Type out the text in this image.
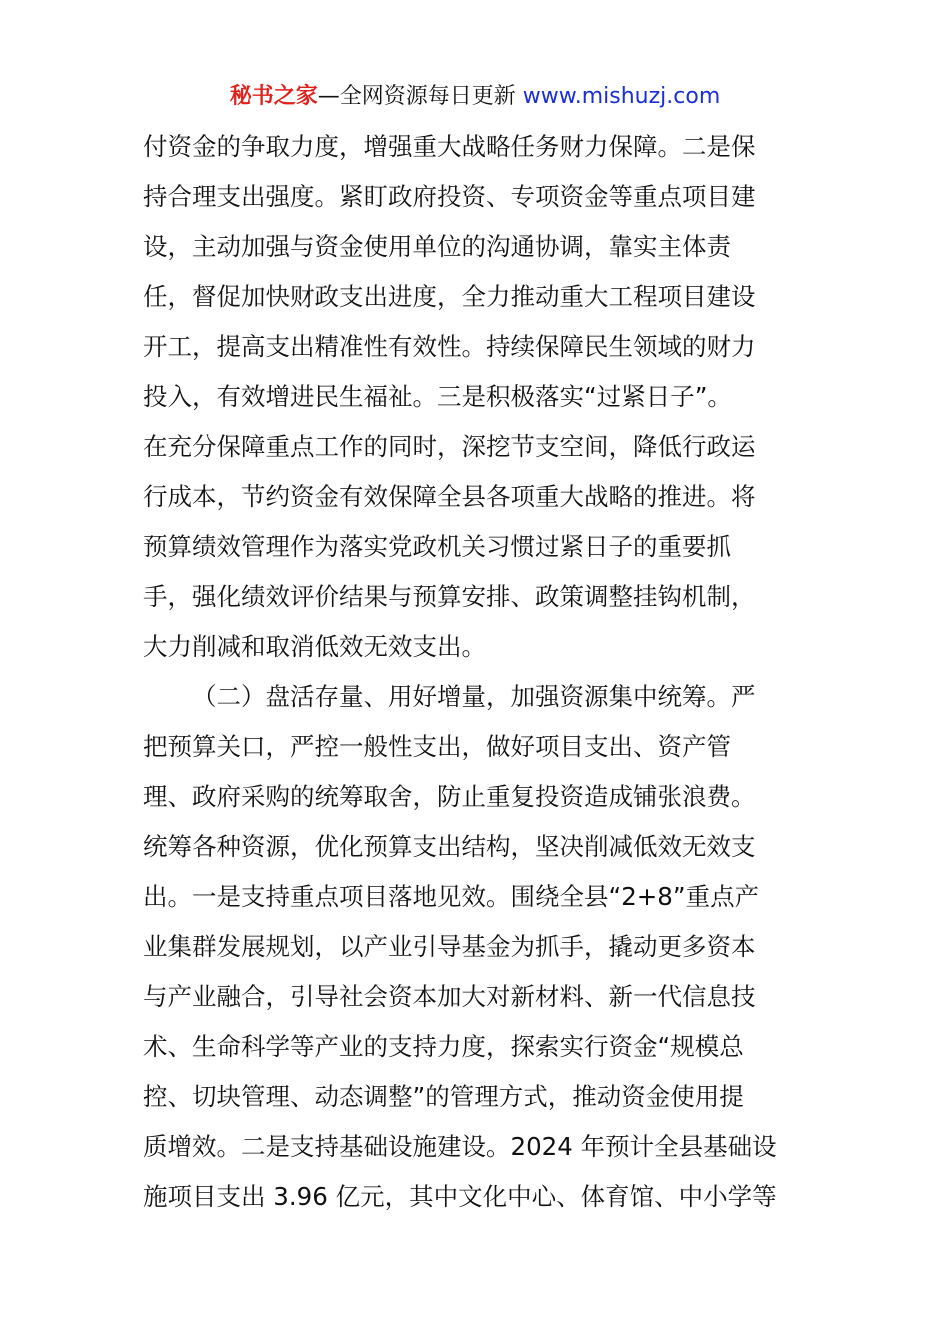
秘书之家—全网资源每日更新 www.mishuzj.com
付资金的争取力度，增强重大战略任务财力保障。二是保
持合理支出强度。紧盯政府投资、专项资金等重点项目建
设，主动加强与资金使用单位的沟通协调，靠实主体责
任，督促加快财政支出进度，全力推动重大工程项目建设
开工，提高支出精准性有效性。持续保障民生领域的财力
投入，有效增进民生福祉。三是积极落实“过紧日子”。
在充分保障重点工作的同时，深挖节支空间，降低行政运
行成本，节约资金有效保障全县各项重大战略的推进。将
预算绩效管理作为落实党政机关习惯过紧日子的重要抓
手，强化绩效评价结果与预算安排、政策调整挂钩机制，
大力削减和取消低效无效支出。
（二）盘活存量、用好增量，加强资源集中统筹。严
把预算关口，严控一般性支出，做好项目支出、资产管
理、政府采购的统筹取舍，防止重复投资造成铺张浪费。
统筹各种资源，优化预算支出结构，坚决削减低效无效支
出。一是支持重点项目落地见效。围绕全县“2+8”重点产
业集群发展规划，以产业引导基金为抓手，撬动更多资本
与产业融合，引导社会资本加大对新材料、新一代信息技
术、生命科学等产业的支持力度，探索实行资金“规模总
控、切块管理、动态调整”的管理方式，推动资金使用提
质增效。二是支持基础设施建设。2024 年预计全县基础设
施项目支出 3.96 亿元，其中文化中心、体育馆、中小学等
